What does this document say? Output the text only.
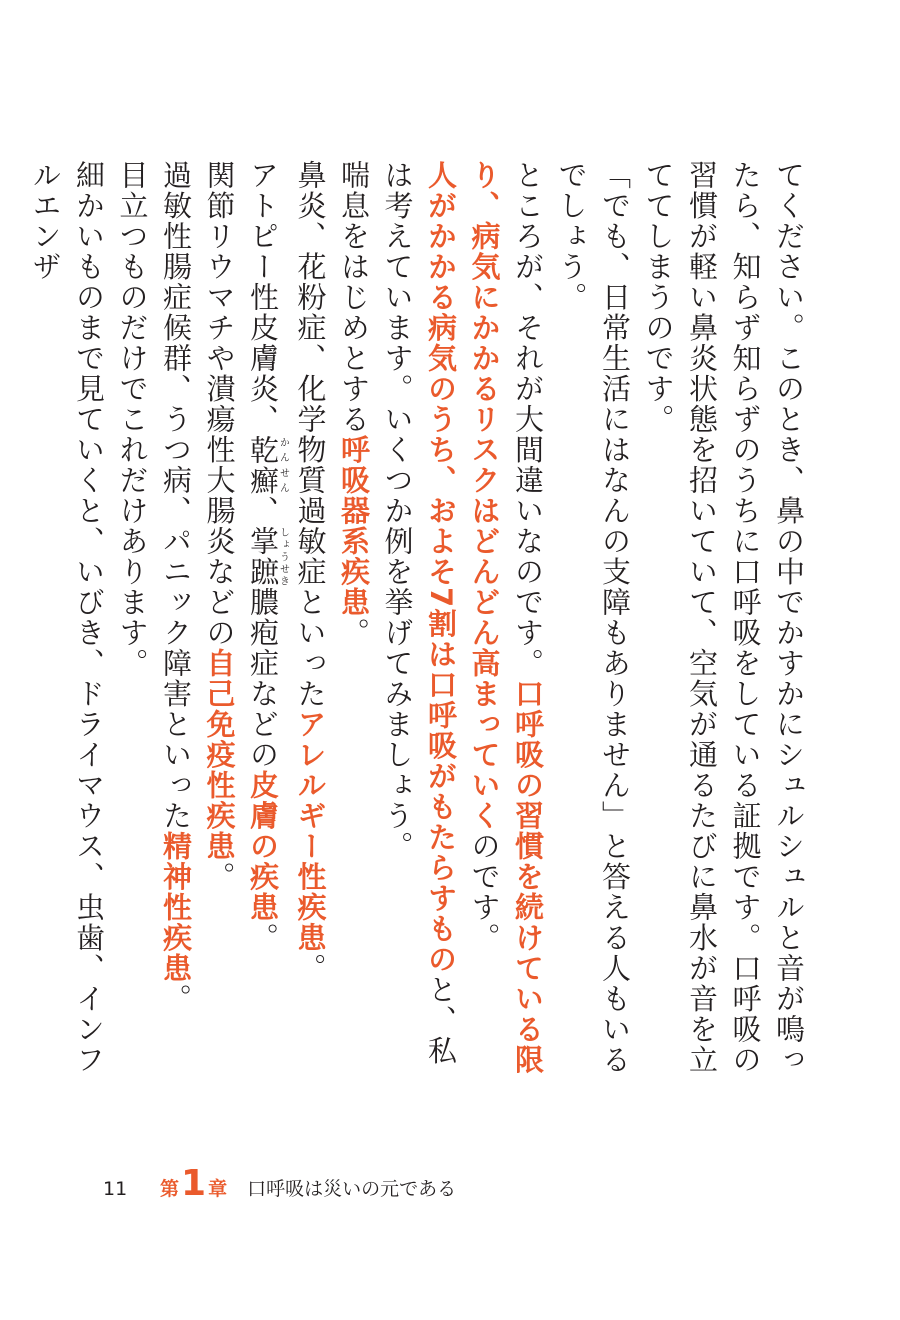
てください。このとき、鼻の中でかすかにシュルシュルと音が鳴ったら、知らず知らずのうちに口呼吸をしている証拠です。口呼吸の習慣が軽い鼻炎状態を招いていて、空気が通るたびに鼻水が音を立ててしまうのです。

「でも、日常生活にはなんの支障もありません」と答える人もいるでしょう。

ところが、それが大間違いなのです。口呼吸の習慣を続けている限り、病気にかかるリスクはどんどん高まっていくのです。

人がかかる病気のうち、およそ7割は口呼吸がもたらすものと、私は考えています。いくつか例を挙げてみましょう。

喘息をはじめとする呼吸器系疾患。

鼻炎、花粉症、化学物質過敏症といったアレルギー性疾患。

アトピー性皮膚炎、乾癬かんせん、掌蹠しょうせき膿疱症などの皮膚の疾患。

関節リウマチや潰瘍性大腸炎などの自己免疫性疾患。

過敏性腸症候群、うつ病、パニック障害といった精神性疾患。

目立つものだけでこれだけあります。

細かいものまで見ていくと、いびき、ドライマウス、虫歯、インフルエンザ

11	第 1 章 口呼吸は災いの元である
